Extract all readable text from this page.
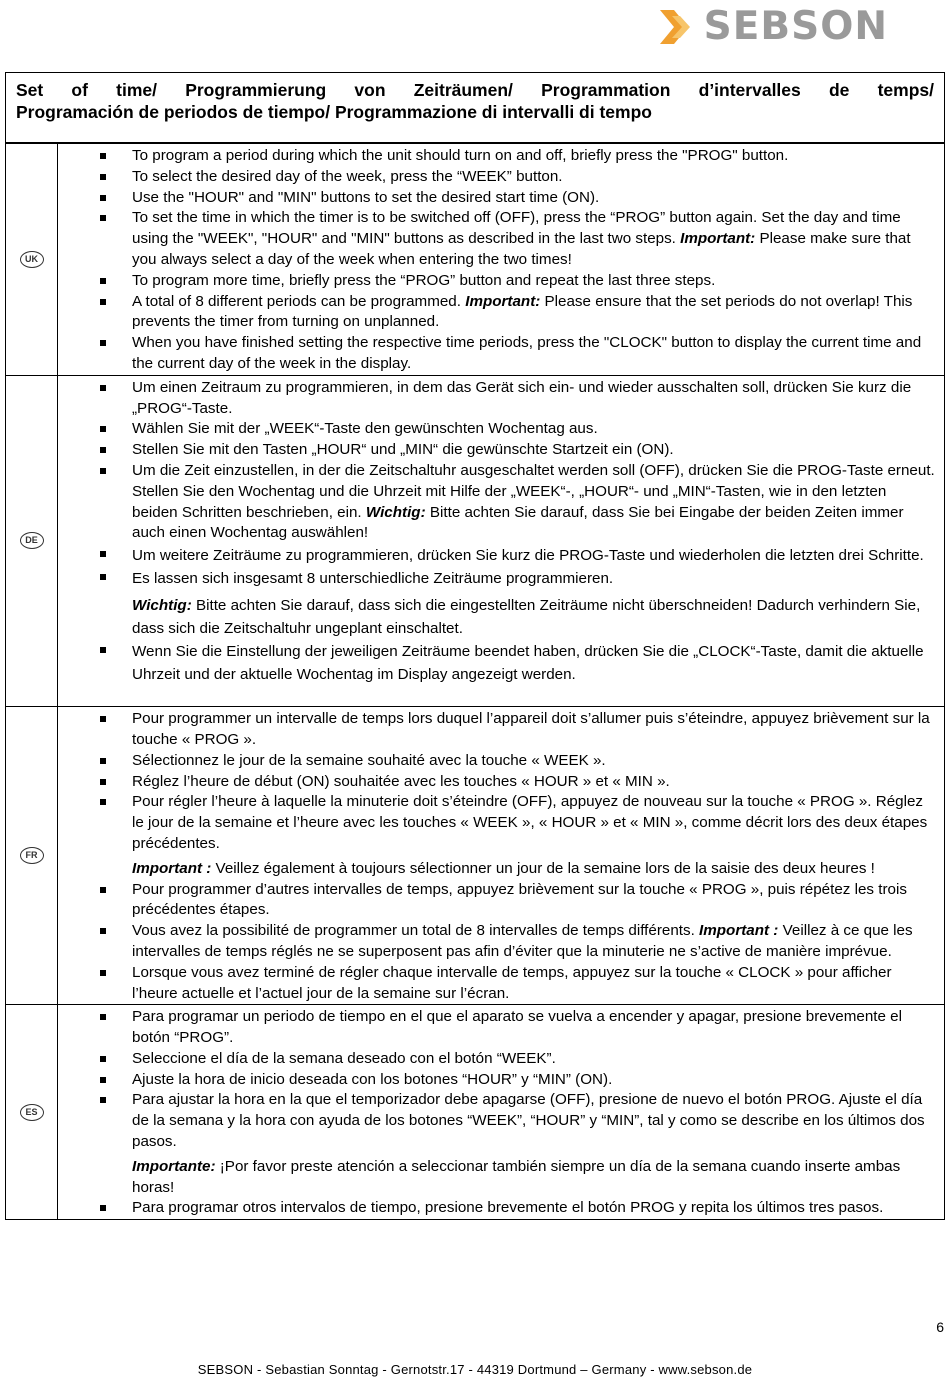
SEBSON
Set of time/ Programmierung von Zeiträumen/ Programmation d’intervalles de temps/
Programación de periodos de tiempo/ Programmazione di intervalli di tempo
UK
To program a period during which the unit should turn on and off, briefly press the "PROG" button.
To select the desired day of the week, press the “WEEK” button.
Use the "HOUR" and "MIN" buttons to set the desired start time (ON).
To set the time in which the timer is to be switched off (OFF), press the “PROG” button again. Set the day and time using the "WEEK", "HOUR" and "MIN" buttons as described in the last two steps. Important: Please make sure that you always select a day of the week when entering the two times!
To program more time, briefly press the “PROG” button and repeat the last three steps.
A total of 8 different periods can be programmed. Important: Please ensure that the set periods do not overlap! This prevents the timer from turning on unplanned.
When you have finished setting the respective time periods, press the "CLOCK" button to display the current time and the current day of the week in the display.
DE
Um einen Zeitraum zu programmieren, in dem das Gerät sich ein- und wieder ausschalten soll, drücken Sie kurz die „PROG“-Taste.
Wählen Sie mit der „WEEK“-Taste den gewünschten Wochentag aus.
Stellen Sie mit den Tasten „HOUR“ und „MIN“ die gewünschte Startzeit ein (ON).
Um die Zeit einzustellen, in der die Zeitschaltuhr ausgeschaltet werden soll (OFF), drücken Sie die PROG-Taste erneut. Stellen Sie den Wochentag und die Uhrzeit mit Hilfe der „WEEK“-, „HOUR“- und „MIN“-Tasten, wie in den letzten beiden Schritten beschrieben, ein. Wichtig: Bitte achten Sie darauf, dass Sie bei Eingabe der beiden Zeiten immer auch einen Wochentag auswählen!
Um weitere Zeiträume zu programmieren, drücken Sie kurz die PROG-Taste und wiederholen die letzten drei Schritte.
Es lassen sich insgesamt 8 unterschiedliche Zeiträume programmieren.
Wichtig: Bitte achten Sie darauf, dass sich die eingestellten Zeiträume nicht überschneiden! Dadurch verhindern Sie, dass sich die Zeitschaltuhr ungeplant einschaltet.
Wenn Sie die Einstellung der jeweiligen Zeiträume beendet haben, drücken Sie die „CLOCK“-Taste, damit die aktuelle Uhrzeit und der aktuelle Wochentag im Display angezeigt werden.
FR
Pour programmer un intervalle de temps lors duquel l’appareil doit s’allumer puis s’éteindre, appuyez brièvement sur la touche « PROG ».
Sélectionnez le jour de la semaine souhaité avec la touche « WEEK ».
Réglez l’heure de début (ON) souhaitée avec les touches « HOUR » et « MIN ».
Pour régler l’heure à laquelle la minuterie doit s’éteindre (OFF), appuyez de nouveau sur la touche « PROG ». Réglez le jour de la semaine et l’heure avec les touches « WEEK », « HOUR » et « MIN », comme décrit lors des deux étapes précédentes.
Important : Veillez également à toujours sélectionner un jour de la semaine lors de la saisie des deux heures !
Pour programmer d’autres intervalles de temps, appuyez brièvement sur la touche « PROG », puis répétez les trois précédentes étapes.
Vous avez la possibilité de programmer un total de 8 intervalles de temps différents. Important : Veillez à ce que les intervalles de temps réglés ne se superposent pas afin d’éviter que la minuterie ne s’active de manière imprévue.
Lorsque vous avez terminé de régler chaque intervalle de temps, appuyez sur la touche « CLOCK » pour afficher l’heure actuelle et l’actuel jour de la semaine sur l’écran.
ES
Para programar un periodo de tiempo en el que el aparato se vuelva a encender y apagar, presione brevemente el botón “PROG”.
Seleccione el día de la semana deseado con el botón “WEEK”.
Ajuste la hora de inicio deseada con los botones “HOUR” y “MIN” (ON).
Para ajustar la hora en la que el temporizador debe apagarse (OFF), presione de nuevo el botón PROG. Ajuste el día de la semana y la hora con ayuda de los botones “WEEK”, “HOUR” y “MIN”, tal y como se describe en los últimos dos pasos.
Importante: ¡Por favor preste atención a seleccionar también siempre un día de la semana cuando inserte ambas horas!
Para programar otros intervalos de tiempo, presione brevemente el botón PROG y repita los últimos tres pasos.
6
SEBSON - Sebastian Sonntag - Gernotstr.17 - 44319 Dortmund – Germany - www.sebson.de
